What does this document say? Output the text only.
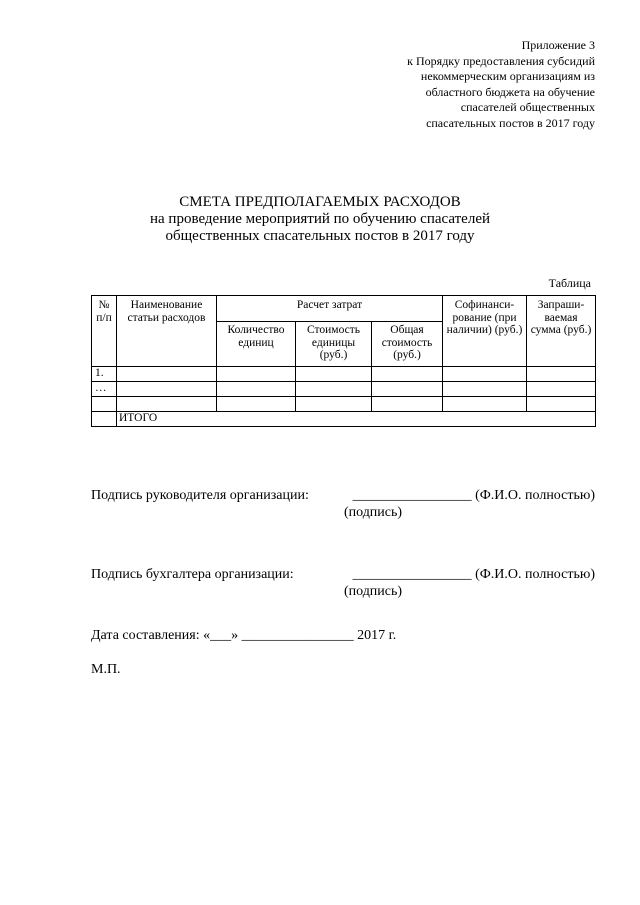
Приложение 3
к Порядку предоставления субсидий
некоммерческим организациям из
областного бюджета на обучение
спасателей общественных
спасательных постов в 2017 году
СМЕТА ПРЕДПОЛАГАЕМЫХ РАСХОДОВ
на проведение мероприятий по обучению спасателей
общественных спасательных постов в 2017 году
Таблица
№ п/п	Наименование статьи расходов	Расчет затрат			Софинанси-рование (при наличии) (руб.)	Запраши-ваемая сумма (руб.)
		Количество единиц	Стоимость единицы (руб.)	Общая стоимость (руб.)		
1.						
…						

	ИТОГО					
Подпись руководителя организации:	_________________ (Ф.И.О. полностью)
(подпись)
Подпись бухгалтера организации:	_________________ (Ф.И.О. полностью)
(подпись)
Дата составления: «___» ________________ 2017 г.
М.П.
